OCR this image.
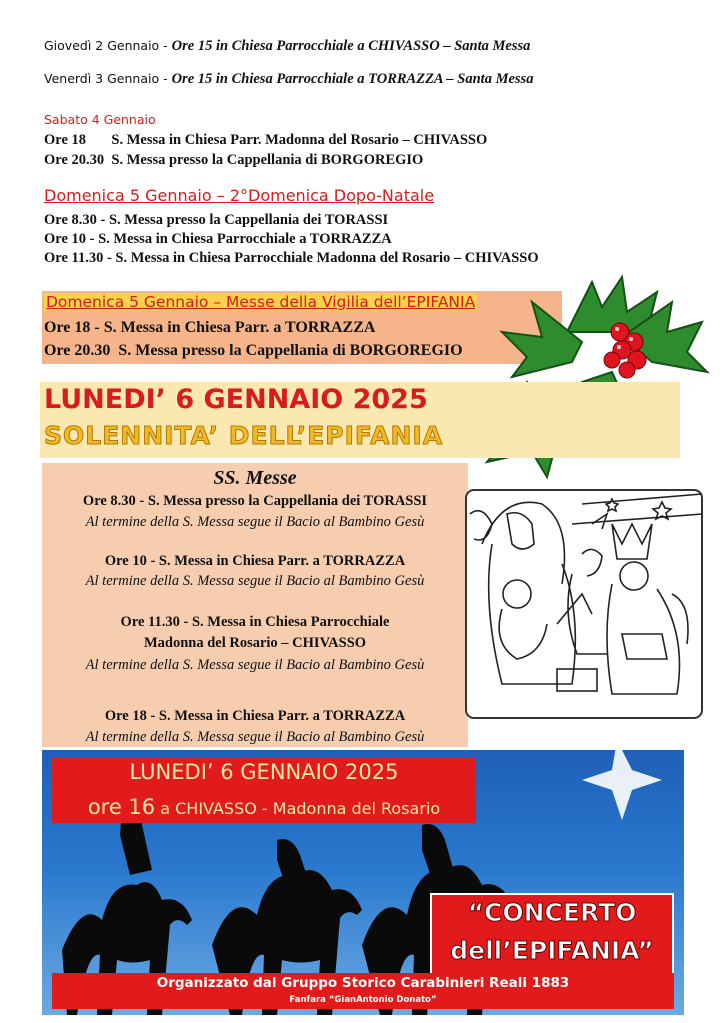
Giovedì 2 Gennaio - Ore 15 in Chiesa Parrocchiale a CHIVASSO – Santa Messa
Venerdì 3 Gennaio - Ore 15 in Chiesa Parrocchiale a TORRAZZA – Santa Messa
Sabato 4 Gennaio
Ore 18       S. Messa in Chiesa Parr. Madonna del Rosario – CHIVASSO
Ore 20.30  S. Messa presso la Cappellania di BORGOREGIO
Domenica 5 Gennaio – 2°Domenica Dopo-Natale
Ore 8.30 - S. Messa presso la Cappellania dei TORASSI
Ore 10 - S. Messa in Chiesa Parrocchiale a TORRAZZA
Ore 11.30 - S. Messa in Chiesa Parrocchiale Madonna del Rosario – CHIVASSO
Domenica 5 Gennaio – Messe della Vigilia dell’EPIFANIA
Ore 18 - S. Messa in Chiesa Parr. a TORRAZZA
Ore 20.30  S. Messa presso la Cappellania di BORGOREGIO
LUNEDI’ 6 GENNAIO 2025
SOLENNITA’ DELL’EPIFANIA
SS. Messe
Ore 8.30 - S. Messa presso la Cappellania dei TORASSI
Al termine della S. Messa segue il Bacio al Bambino Gesù
Ore 10 - S. Messa in Chiesa Parr. a TORRAZZA
Al termine della S. Messa segue il Bacio al Bambino Gesù
Ore 11.30 - S. Messa in Chiesa Parrocchiale
Madonna del Rosario – CHIVASSO
Al termine della S. Messa segue il Bacio al Bambino Gesù
Ore 18 - S. Messa in Chiesa Parr. a TORRAZZA
Al termine della S. Messa segue il Bacio al Bambino Gesù
LUNEDI’ 6 GENNAIO 2025
ore 16 a CHIVASSO - Madonna del Rosario
“CONCERTO
dell’EPIFANIA”
Organizzato dal Gruppo Storico Carabinieri Reali 1883
Fanfara “GianAntonio Donato”
